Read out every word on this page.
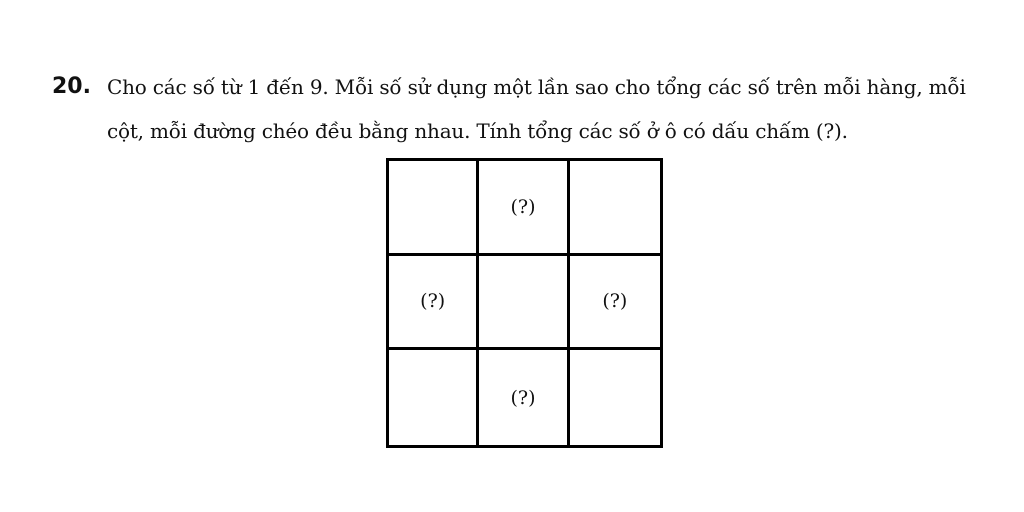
20. Cho các số từ 1 đến 9. Mỗi số sử dụng một lần sao cho tổng các số trên mỗi hàng, mỗi
cột, mỗi đường chéo đều bằng nhau. Tính tổng các số ở ô có dấu chấm (?).
(?)
(?)	(?)
(?)
